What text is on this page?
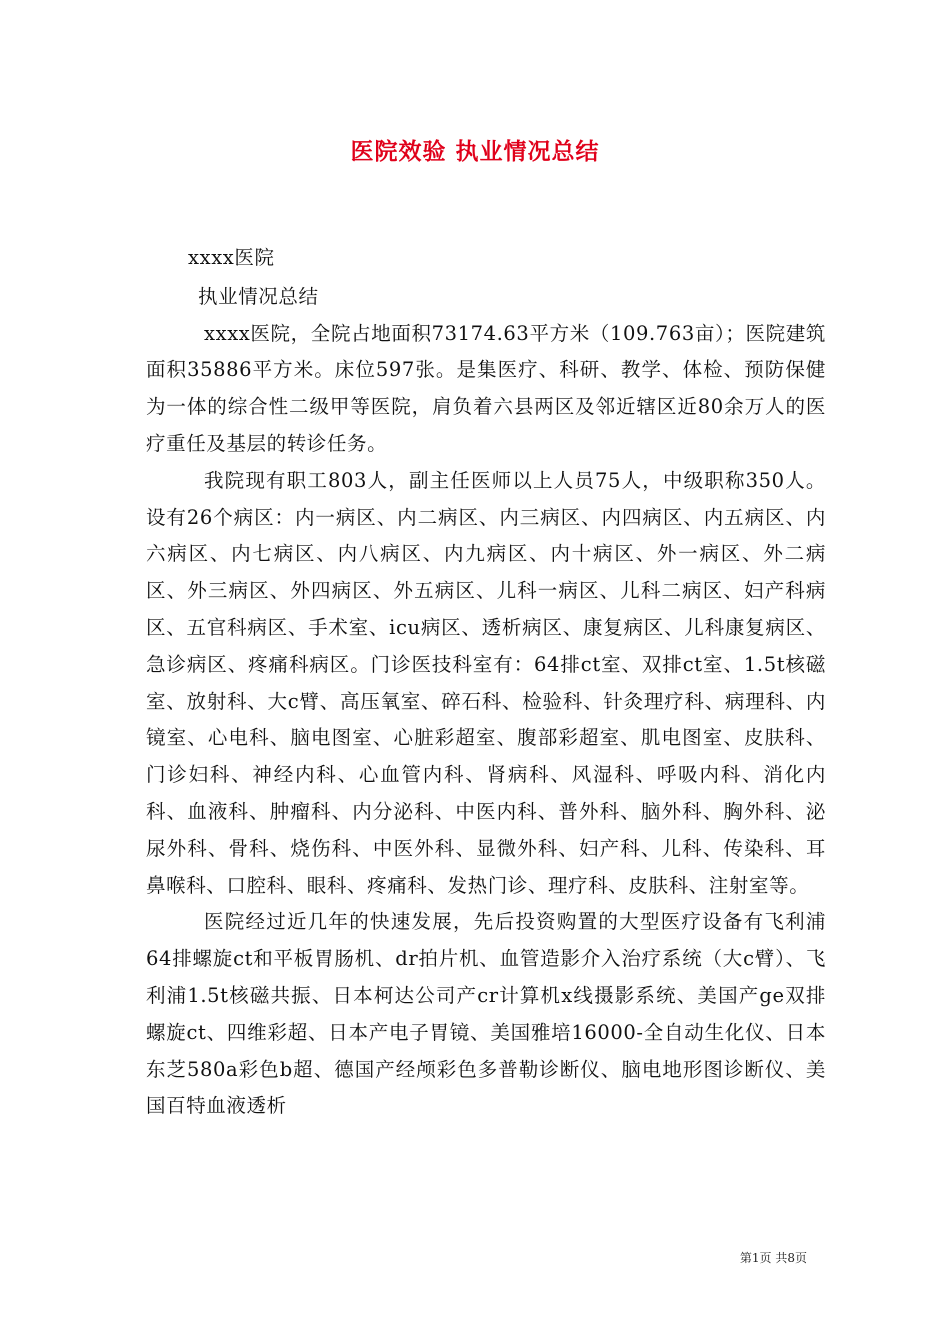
医院效验 执业情况总结

xxxx医院

执业情况总结

xxxx医院，全院占地面积73174.63平方米（109.763亩）；医院建筑面积35886平方米。床位597张。是集医疗、科研、教学、体检、预防保健为一体的综合性二级甲等医院，肩负着六县两区及邻近辖区近80余万人的医疗重任及基层的转诊任务。

我院现有职工803人，副主任医师以上人员75人，中级职称350人。设有26个病区：内一病区、内二病区、内三病区、内四病区、内五病区、内六病区、内七病区、内八病区、内九病区、内十病区、外一病区、外二病区、外三病区、外四病区、外五病区、儿科一病区、儿科二病区、妇产科病区、五官科病区、手术室、icu病区、透析病区、康复病区、儿科康复病区、急诊病区、疼痛科病区。门诊医技科室有：64排ct室、双排ct室、1.5t核磁室、放射科、大c臂、高压氧室、碎石科、检验科、针灸理疗科、病理科、内镜室、心电科、脑电图室、心脏彩超室、腹部彩超室、肌电图室、皮肤科、门诊妇科、神经内科、心血管内科、肾病科、风湿科、呼吸内科、消化内科、血液科、肿瘤科、内分泌科、中医内科、普外科、脑外科、胸外科、泌尿外科、骨科、烧伤科、中医外科、显微外科、妇产科、儿科、传染科、耳鼻喉科、口腔科、眼科、疼痛科、发热门诊、理疗科、皮肤科、注射室等。

医院经过近几年的快速发展，先后投资购置的大型医疗设备有飞利浦64排螺旋ct和平板胃肠机、dr拍片机、血管造影介入治疗系统（大c臂）、飞利浦1.5t核磁共振、日本柯达公司产cr计算机x线摄影系统、美国产ge双排螺旋ct、四维彩超、日本产电子胃镜、美国雅培16000-全自动生化仪、日本东芝580a彩色b超、德国产经颅彩色多普勒诊断仪、脑电地形图诊断仪、美国百特血液透析

第1页 共8页
